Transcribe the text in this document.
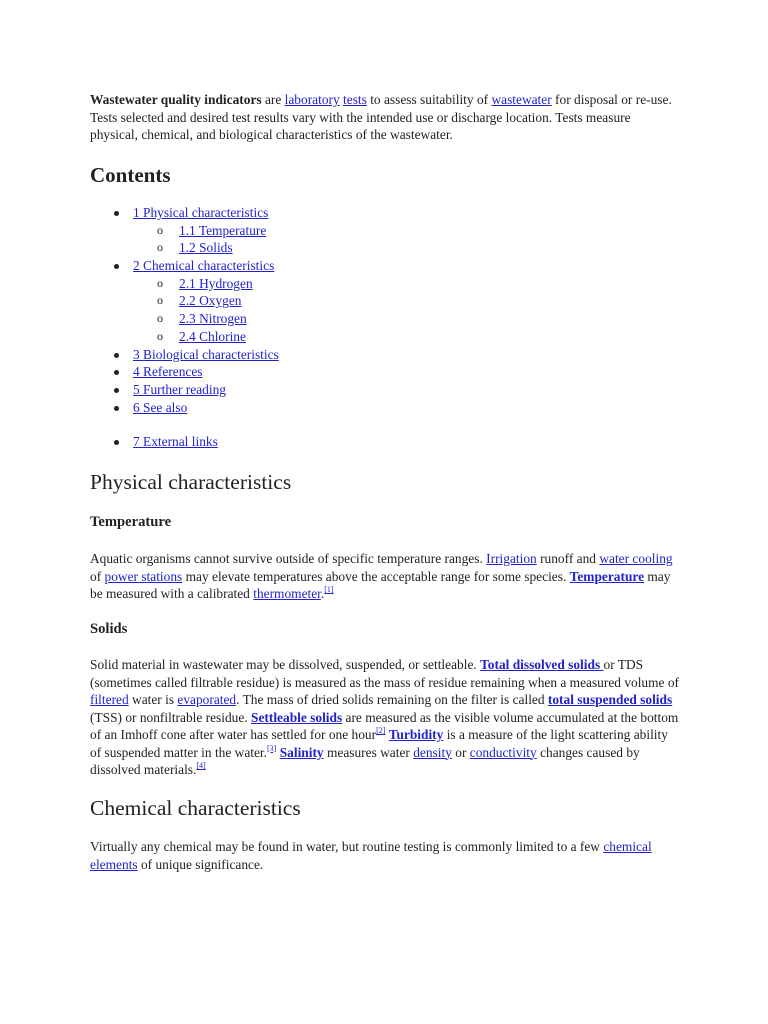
Wastewater quality indicators are laboratory tests to assess suitability of wastewater for disposal or re-use. Tests selected and desired test results vary with the intended use or discharge location. Tests measure physical, chemical, and biological characteristics of the wastewater.

Contents
1 Physical characteristics
o 1.1 Temperature
o 1.2 Solids
2 Chemical characteristics
o 2.1 Hydrogen
o 2.2 Oxygen
o 2.3 Nitrogen
o 2.4 Chlorine
3 Biological characteristics
4 References
5 Further reading
6 See also
7 External links
Physical characteristics
Temperature

Aquatic organisms cannot survive outside of specific temperature ranges. Irrigation runoff and water cooling of power stations may elevate temperatures above the acceptable range for some species. Temperature may be measured with a calibrated thermometer.[1]

Solids

Solid material in wastewater may be dissolved, suspended, or settleable. Total dissolved solids or TDS (sometimes called filtrable residue) is measured as the mass of residue remaining when a measured volume of filtered water is evaporated. The mass of dried solids remaining on the filter is called total suspended solids (TSS) or nonfiltrable residue. Settleable solids are measured as the visible volume accumulated at the bottom of an Imhoff cone after water has settled for one hour[2] Turbidity is a measure of the light scattering ability of suspended matter in the water.[3] Salinity measures water density or conductivity changes caused by dissolved materials.[4]

Chemical characteristics

Virtually any chemical may be found in water, but routine testing is commonly limited to a few chemical elements of unique significance.
